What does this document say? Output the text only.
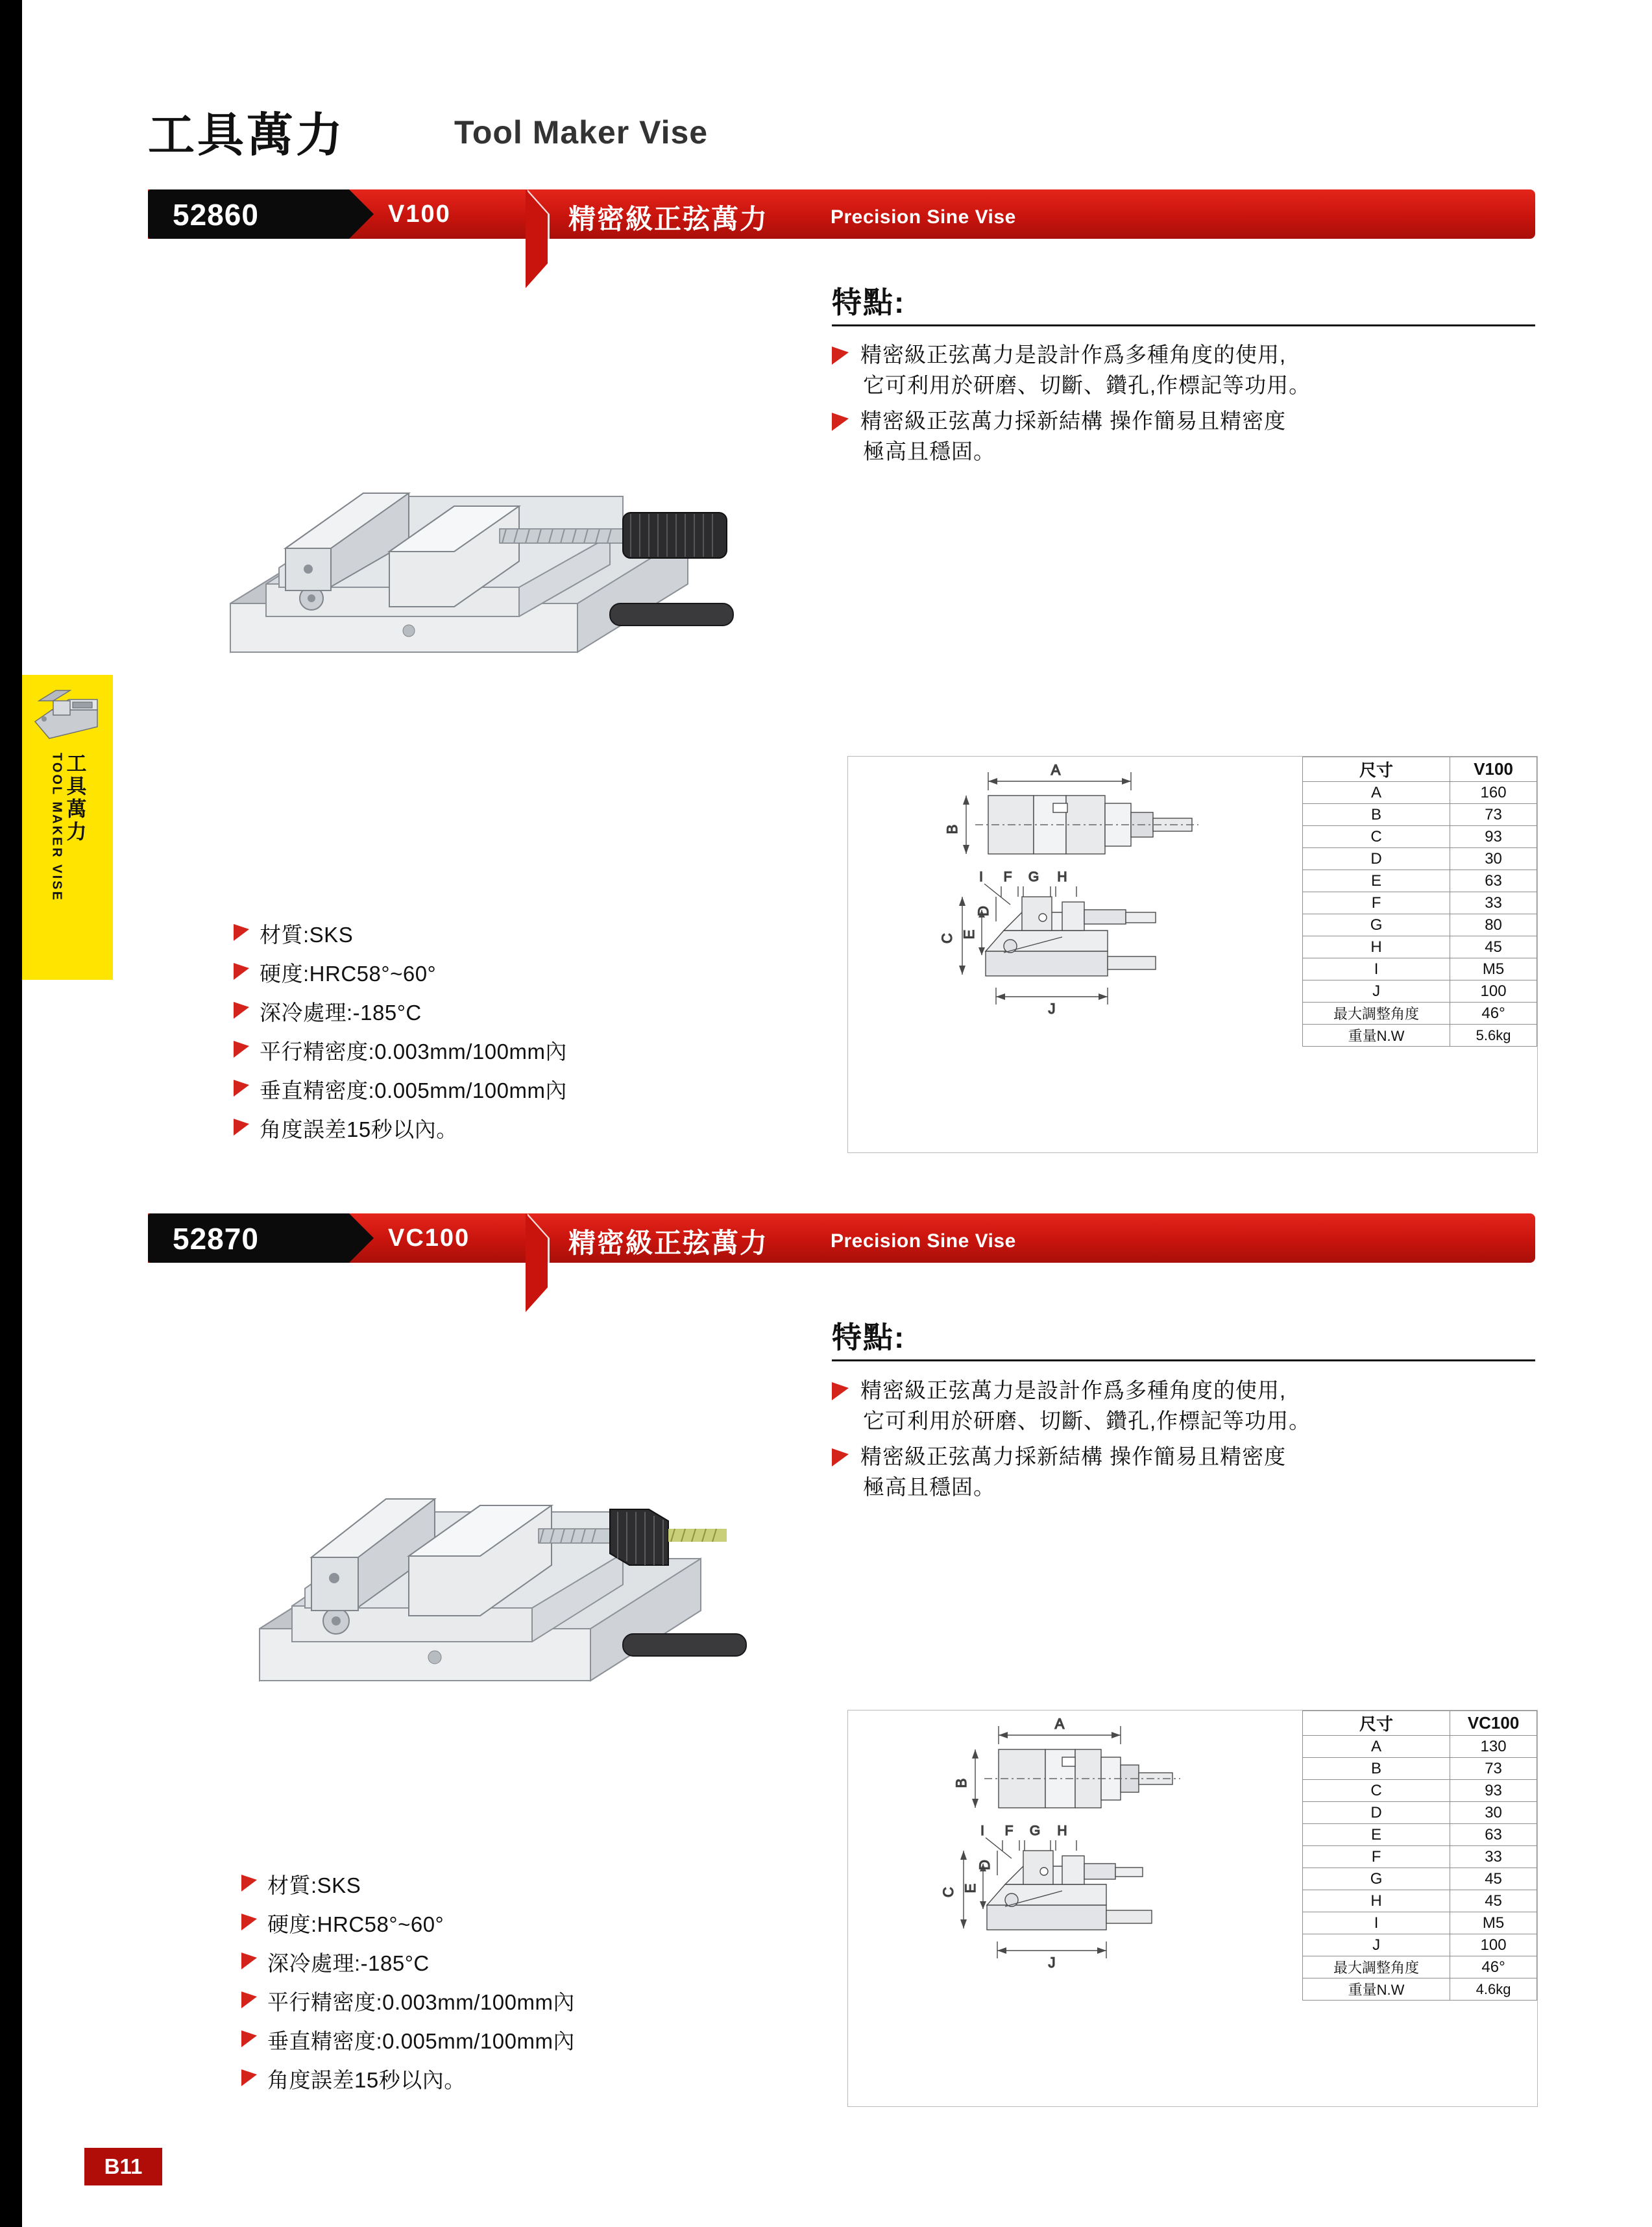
工具萬力
TOOL MAKER VISE
工具萬力	Tool Maker Vise
52860	V100	精密級正弦萬力	Precision Sine Vise
特點:
精密級正弦萬力是設計作爲多種角度的使用,
它可利用於研磨、切斷、鑽孔,作標記等功用。
精密級正弦萬力採新結構 操作簡易且精密度
極高且穩固。
材質:SKS
硬度:HRC58°~60°
深冷處理:-185°C
平行精密度:0.003mm/100mm內
垂直精密度:0.005mm/100mm內
角度誤差15秒以內。
A
B
I F G H
C E
D
J
尺寸	V100
A	160
B	73
C	93
D	30
E	63
F	33
G	80
H	45
I	M5
J	100
最大調整角度	46°
重量N.W	5.6kg
52870	VC100	精密級正弦萬力	Precision Sine Vise
特點:
精密級正弦萬力是設計作爲多種角度的使用,
它可利用於研磨、切斷、鑽孔,作標記等功用。
精密級正弦萬力採新結構 操作簡易且精密度
極高且穩固。
材質:SKS
硬度:HRC58°~60°
深冷處理:-185°C
平行精密度:0.003mm/100mm內
垂直精密度:0.005mm/100mm內
角度誤差15秒以內。
A
B
I F G H
C E
D
J
尺寸	VC100
A	130
B	73
C	93
D	30
E	63
F	33
G	45
H	45
I	M5
J	100
最大調整角度	46°
重量N.W	4.6kg
B11
